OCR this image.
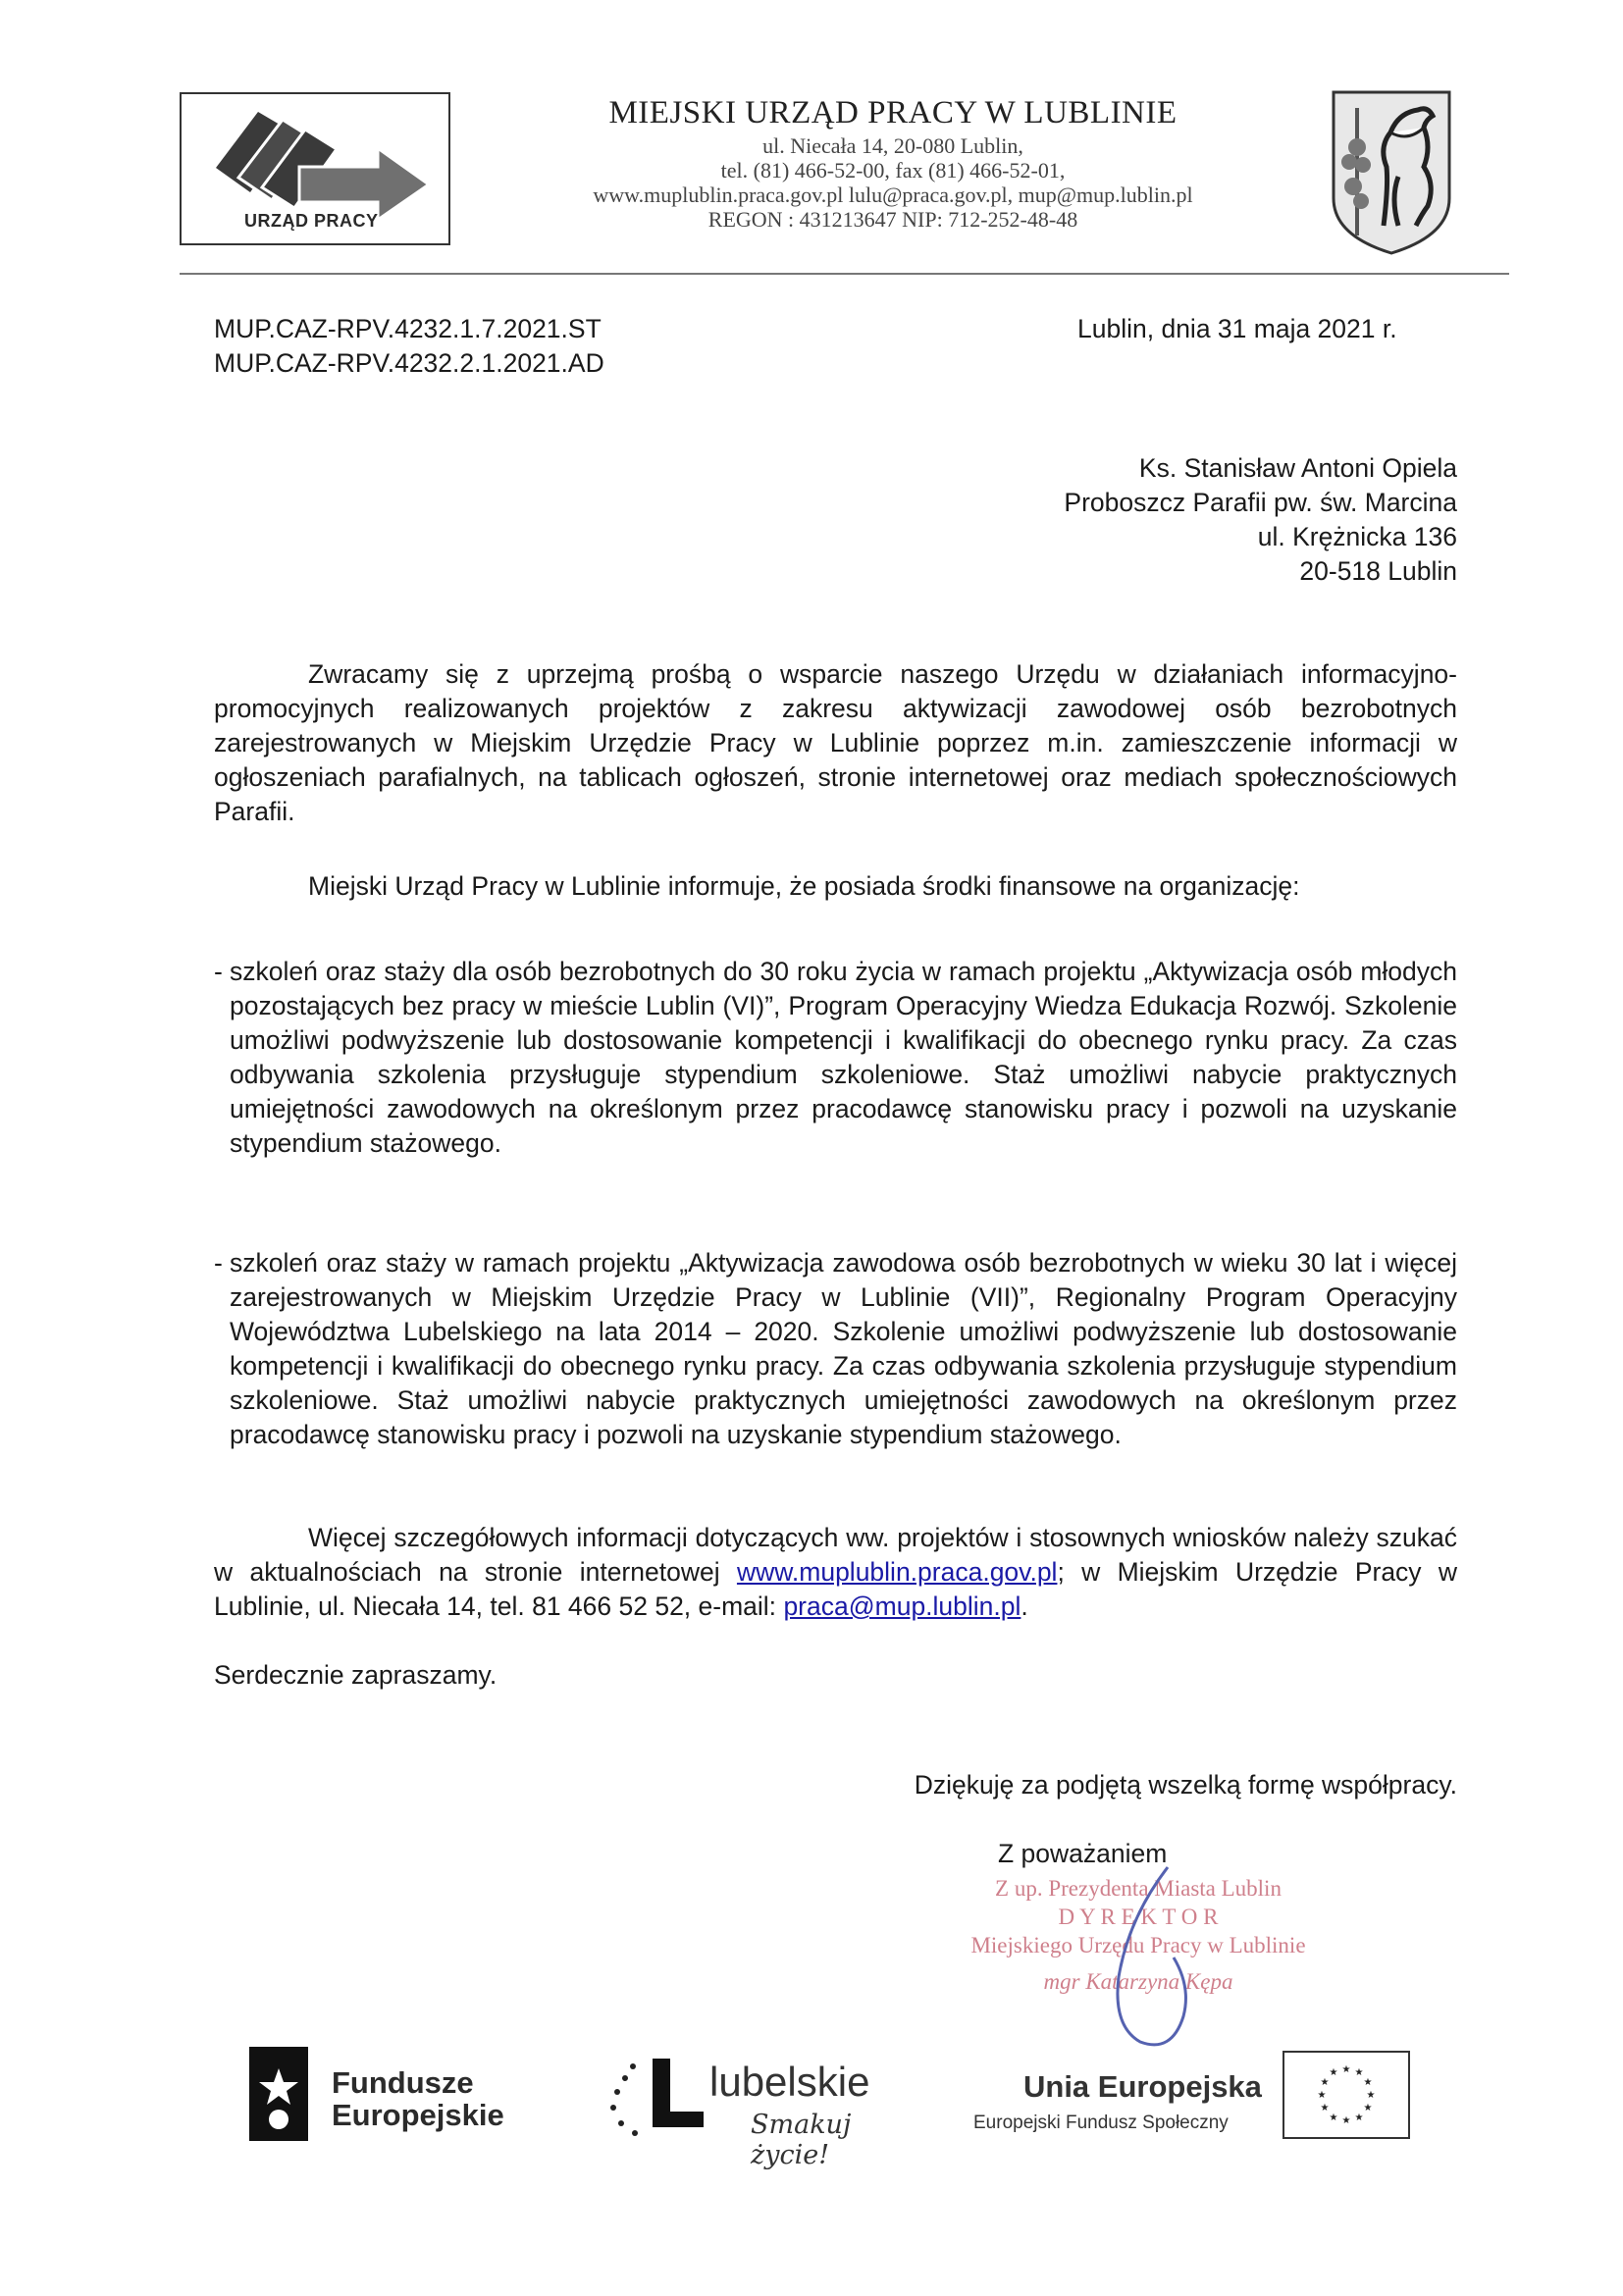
URZĄD PRACY
MIEJSKI URZĄD PRACY W LUBLINIE
ul. Niecała 14, 20-080 Lublin,
tel. (81) 466-52-00, fax (81) 466-52-01,
www.muplublin.praca.gov.pl lulu@praca.gov.pl, mup@mup.lublin.pl
REGON : 431213647 NIP: 712-252-48-48
MUP.CAZ-RPV.4232.1.7.2021.ST
MUP.CAZ-RPV.4232.2.1.2021.AD
Lublin, dnia 31 maja 2021 r.
Ks. Stanisław Antoni Opiela
Proboszcz Parafii pw. św. Marcina
ul. Krężnicka 136
20-518 Lublin
Zwracamy się z uprzejmą prośbą o wsparcie naszego Urzędu w działaniach informacyjno-promocyjnych realizowanych projektów z zakresu aktywizacji zawodowej osób bezrobotnych zarejestrowanych w Miejskim Urzędzie Pracy w Lublinie poprzez m.in. zamieszczenie informacji w ogłoszeniach parafialnych, na tablicach ogłoszeń, stronie internetowej oraz mediach społecznościowych Parafii.
Miejski Urząd Pracy w Lublinie informuje, że posiada środki finansowe na organizację:
- szkoleń oraz staży dla osób bezrobotnych do 30 roku życia w ramach projektu „Aktywizacja osób młodych pozostających bez pracy w mieście Lublin (VI)”, Program Operacyjny Wiedza Edukacja Rozwój. Szkolenie umożliwi podwyższenie lub dostosowanie kompetencji i kwalifikacji do obecnego rynku pracy. Za czas odbywania szkolenia przysługuje stypendium szkoleniowe. Staż umożliwi nabycie praktycznych umiejętności zawodowych na określonym przez pracodawcę stanowisku pracy i pozwoli na uzyskanie stypendium stażowego.
- szkoleń oraz staży w ramach projektu „Aktywizacja zawodowa osób bezrobotnych w wieku 30 lat i więcej zarejestrowanych w Miejskim Urzędzie Pracy w Lublinie (VII)”, Regionalny Program Operacyjny Województwa Lubelskiego na lata 2014 – 2020. Szkolenie umożliwi podwyższenie lub dostosowanie kompetencji i kwalifikacji do obecnego rynku pracy. Za czas odbywania szkolenia przysługuje stypendium szkoleniowe. Staż umożliwi nabycie praktycznych umiejętności zawodowych na określonym przez pracodawcę stanowisku pracy i pozwoli na uzyskanie stypendium stażowego.
Więcej szczegółowych informacji dotyczących ww. projektów i stosownych wniosków należy szukać w aktualnościach na stronie internetowej www.muplublin.praca.gov.pl; w Miejskim Urzędzie Pracy w Lublinie, ul. Niecała 14, tel. 81 466 52 52, e-mail: praca@mup.lublin.pl.
Serdecznie zapraszamy.
Dziękuję za podjętą wszelką formę współpracy.
Z poważaniem
Z up. Prezydenta Miasta Lublin
D Y R E K T O R
Miejskiego Urzędu Pracy w Lublinie
mgr Katarzyna Kępa
Fundusze
Europejskie
lubelskie
Smakuj życie!
Unia Europejska
Europejski Fundusz Społeczny
★ ★
★
★
★
★
★
★
★
★
★
★
